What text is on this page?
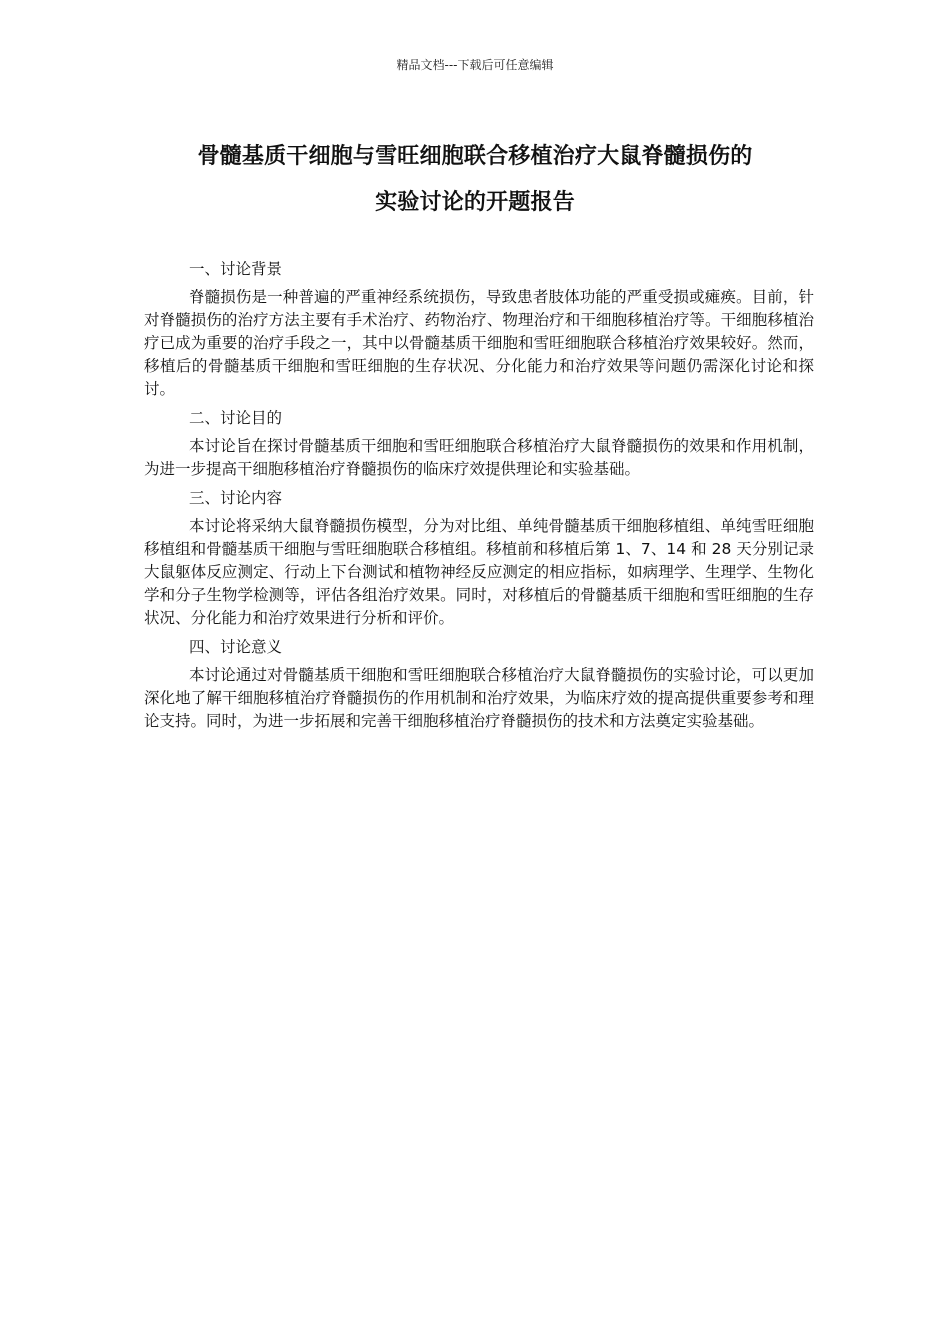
精品文档---下载后可任意编辑
骨髓基质干细胞与雪旺细胞联合移植治疗大鼠脊髓损伤的
实验讨论的开题报告

一、讨论背景

脊髓损伤是一种普遍的严重神经系统损伤，导致患者肢体功能的严重受损或瘫痪。目前，针对脊髓损伤的治疗方法主要有手术治疗、药物治疗、物理治疗和干细胞移植治疗等。干细胞移植治疗已成为重要的治疗手段之一，其中以骨髓基质干细胞和雪旺细胞联合移植治疗效果较好。然而，移植后的骨髓基质干细胞和雪旺细胞的生存状况、分化能力和治疗效果等问题仍需深化讨论和探讨。

二、讨论目的

本讨论旨在探讨骨髓基质干细胞和雪旺细胞联合移植治疗大鼠脊髓损伤的效果和作用机制，为进一步提高干细胞移植治疗脊髓损伤的临床疗效提供理论和实验基础。

三、讨论内容

本讨论将采纳大鼠脊髓损伤模型，分为对比组、单纯骨髓基质干细胞移植组、单纯雪旺细胞移植组和骨髓基质干细胞与雪旺细胞联合移植组。移植前和移植后第 1、7、14 和 28 天分别记录大鼠躯体反应测定、行动上下台测试和植物神经反应测定的相应指标，如病理学、生理学、生物化学和分子生物学检测等，评估各组治疗效果。同时，对移植后的骨髓基质干细胞和雪旺细胞的生存状况、分化能力和治疗效果进行分析和评价。

四、讨论意义

本讨论通过对骨髓基质干细胞和雪旺细胞联合移植治疗大鼠脊髓损伤的实验讨论，可以更加深化地了解干细胞移植治疗脊髓损伤的作用机制和治疗效果，为临床疗效的提高提供重要参考和理论支持。同时，为进一步拓展和完善干细胞移植治疗脊髓损伤的技术和方法奠定实验基础。
